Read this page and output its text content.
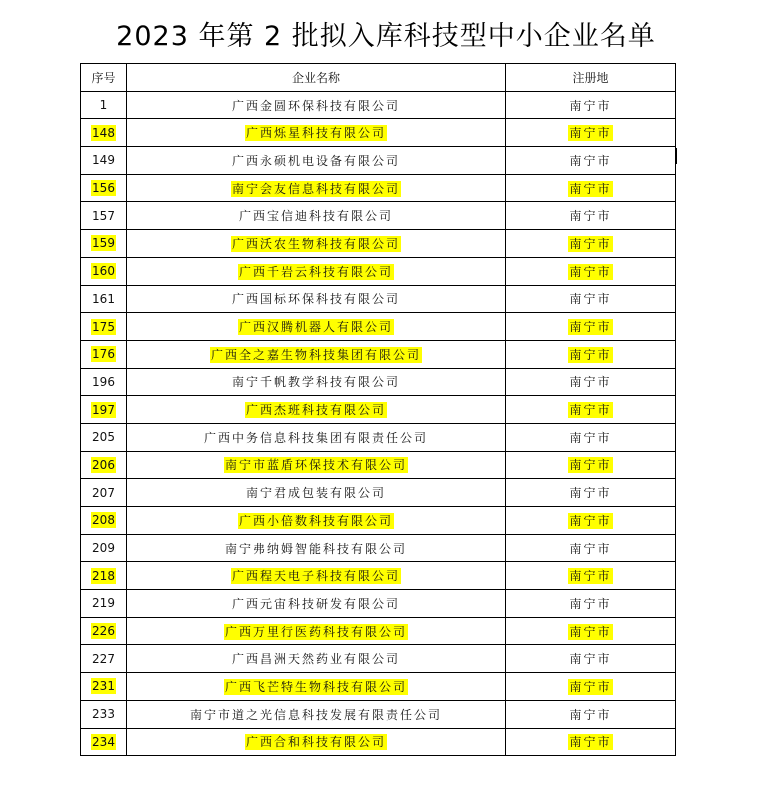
2023 年第 2 批拟入库科技型中小企业名单
序号	企业名称	注册地
1	广西金圆环保科技有限公司	南宁市
148	广西烁星科技有限公司	南宁市
149	广西永硕机电设备有限公司	南宁市
156	南宁会友信息科技有限公司	南宁市
157	广西宝信迪科技有限公司	南宁市
159	广西沃农生物科技有限公司	南宁市
160	广西千岩云科技有限公司	南宁市
161	广西国标环保科技有限公司	南宁市
175	广西汉腾机器人有限公司	南宁市
176	广西全之嘉生物科技集团有限公司	南宁市
196	南宁千帆教学科技有限公司	南宁市
197	广西杰班科技有限公司	南宁市
205	广西中务信息科技集团有限责任公司	南宁市
206	南宁市蓝盾环保技术有限公司	南宁市
207	南宁君成包装有限公司	南宁市
208	广西小倍数科技有限公司	南宁市
209	南宁弗纳姆智能科技有限公司	南宁市
218	广西程天电子科技有限公司	南宁市
219	广西元宙科技研发有限公司	南宁市
226	广西万里行医药科技有限公司	南宁市
227	广西昌洲天然药业有限公司	南宁市
231	广西飞芒特生物科技有限公司	南宁市
233	南宁市道之光信息科技发展有限责任公司	南宁市
234	广西合和科技有限公司	南宁市
